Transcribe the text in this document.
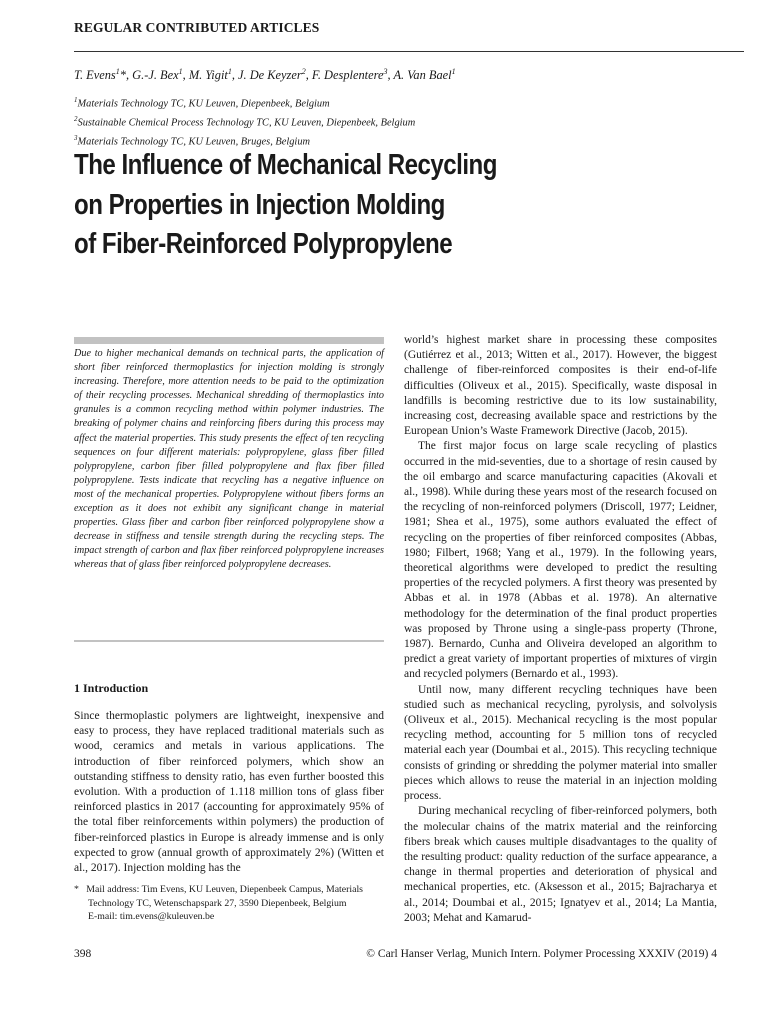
REGULAR CONTRIBUTED ARTICLES
T. Evens$^1$*, G.-J. Bex$^1$, M. Yigit$^1$, J. De Keyzer$^2$, F. Desplentere$^3$, A. Van Bael$^1$
$^1$Materials Technology TC, KU Leuven, Diepenbeek, Belgium
$^2$Sustainable Chemical Process Technology TC, KU Leuven, Diepenbeek, Belgium
$^3$Materials Technology TC, KU Leuven, Bruges, Belgium
The Influence of Mechanical Recycling
on Properties in Injection Molding
of Fiber-Reinforced Polypropylene
Due to higher mechanical demands on technical parts, the application of short fiber reinforced thermoplastics for injection molding is strongly increasing. Therefore, more attention needs to be paid to the optimization of their recycling processes. Mechanical shredding of thermoplastics into granules is a common recycling method within polymer industries. The breaking of polymer chains and reinforcing fibers during this process may affect the material properties. This study presents the effect of ten recycling sequences on four different materials: polypropylene, glass fiber filled polypropylene, carbon fiber filled polypropylene and flax fiber filled polypropylene. Tests indicate that recycling has a negative influence on most of the mechanical properties. Polypropylene without fibers forms an exception as it does not exhibit any significant change in material properties. Glass fiber and carbon fiber reinforced polypropylene show a decrease in stiffness and tensile strength during the recycling steps. The impact strength of carbon and flax fiber reinforced polypropylene increases whereas that of glass fiber reinforced polypropylene decreases.
1 Introduction
Since thermoplastic polymers are lightweight, inexpensive and easy to process, they have replaced traditional materials such as wood, ceramics and metals in various applications. The introduction of fiber reinforced polymers, which show an outstanding stiffness to density ratio, has even further boosted this evolution. With a production of 1.118 million tons of glass fiber reinforced plastics in 2017 (accounting for approximately 95% of the total fiber reinforcements within polymers) the production of fiber-reinforced plastics in Europe is already immense and is only expected to grow (annual growth of approximately 2%) (Witten et al., 2017). Injection molding has the
* Mail address: Tim Evens, KU Leuven, Diepenbeek Campus, Materials Technology TC, Wetenschapspark 27, 3590 Diepenbeek, Belgium
E-mail: tim.evens@kuleuven.be

world’s highest market share in processing these composites (Gutiérrez et al., 2013; Witten et al., 2017). However, the biggest challenge of fiber-reinforced composites is their end-of-life difficulties (Oliveux et al., 2015). Specifically, waste disposal in landfills is becoming restrictive due to its low sustainability, increasing cost, decreasing available space and restrictions by the European Union’s Waste Framework Directive (Jacob, 2015).

The first major focus on large scale recycling of plastics occurred in the mid-seventies, due to a shortage of resin caused by the oil embargo and scarce manufacturing capacities (Akovali et al., 1998). While during these years most of the research focused on the recycling of non-reinforced polymers (Driscoll, 1977; Leidner, 1981; Shea et al., 1975), some authors evaluated the effect of recycling on the properties of fiber reinforced composites (Abbas, 1980; Filbert, 1968; Yang et al., 1979). In the following years, theoretical algorithms were developed to predict the resulting properties of the recycled polymers. A first theory was presented by Abbas et al. in 1978 (Abbas et al. 1978). An alternative methodology for the determination of the final product properties was proposed by Throne using a single-pass property (Throne, 1987). Bernardo, Cunha and Oliveira developed an algorithm to predict a great variety of important properties of mixtures of virgin and recycled polymers (Bernardo et al., 1993).

Until now, many different recycling techniques have been studied such as mechanical recycling, pyrolysis, and solvolysis (Oliveux et al., 2015). Mechanical recycling is the most popular recycling method, accounting for 5 million tons of recycled material each year (Doumbai et al., 2015). This recycling technique consists of grinding or shredding the polymer material into smaller pieces which allows to reuse the material in an injection molding process.

During mechanical recycling of fiber-reinforced polymers, both the molecular chains of the matrix material and the reinforcing fibers break which causes multiple disadvantages to the quality of the resulting product: quality reduction of the surface appearance, a change in thermal properties and deterioration of physical and mechanical properties, etc. (Aksesson et al., 2015; Bajracharya et al., 2014; Doumbai et al., 2015; Ignatyev et al., 2014; La Mantia, 2003; Mehat and Kamarud-

398	© Carl Hanser Verlag, Munich Intern. Polymer Processing XXXIV (2019) 4
